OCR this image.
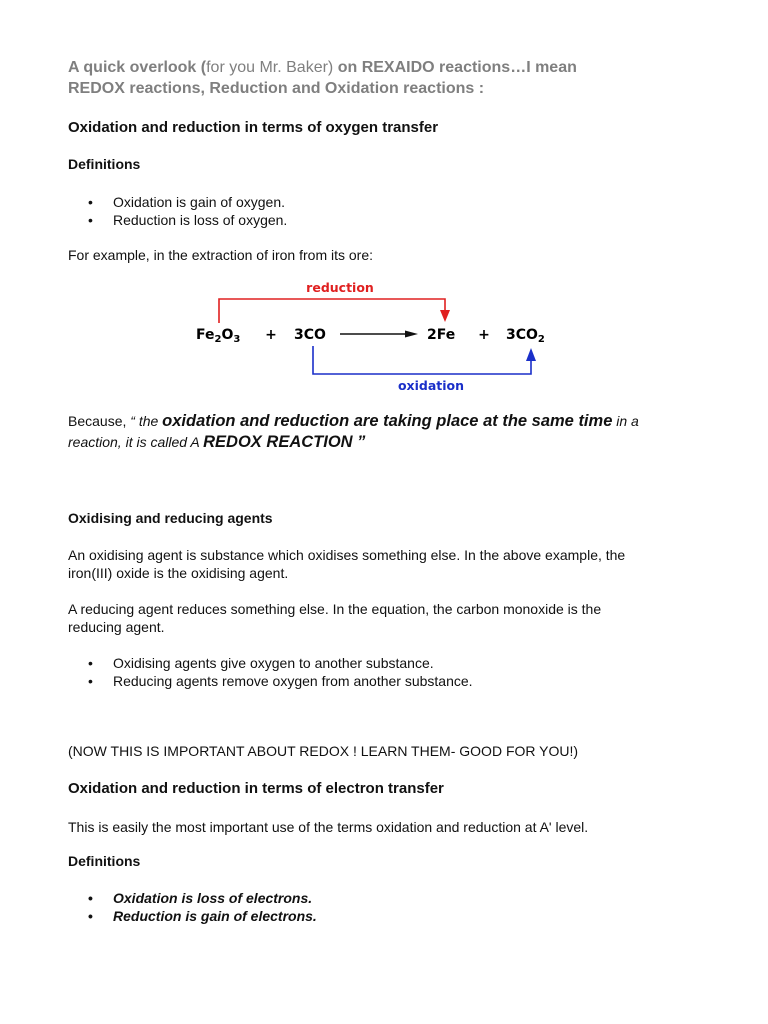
A quick overlook (for you Mr. Baker) on REXAIDO reactions…I mean
REDOX reactions, Reduction and Oxidation reactions :
Oxidation and reduction in terms of oxygen transfer
Definitions
• Oxidation is gain of oxygen.
• Reduction is loss of oxygen.
For example, in the extraction of iron from its ore:
reduction
$Fe_2O_3 + 3CO$	$2Fe + 3CO_2$
oxidation
Because, “ the oxidation and reduction are taking place at the same time in a
reaction, it is called A REDOX REACTION ”
Oxidising and reducing agents
An oxidising agent is substance which oxidises something else. In the above example, the
iron(III) oxide is the oxidising agent.
A reducing agent reduces something else. In the equation, the carbon monoxide is the
reducing agent.
• Oxidising agents give oxygen to another substance.
• Reducing agents remove oxygen from another substance.
(NOW THIS IS IMPORTANT ABOUT REDOX ! LEARN THEM- GOOD FOR YOU!)
Oxidation and reduction in terms of electron transfer
This is easily the most important use of the terms oxidation and reduction at A' level.
Definitions
• Oxidation is loss of electrons.
• Reduction is gain of electrons.
